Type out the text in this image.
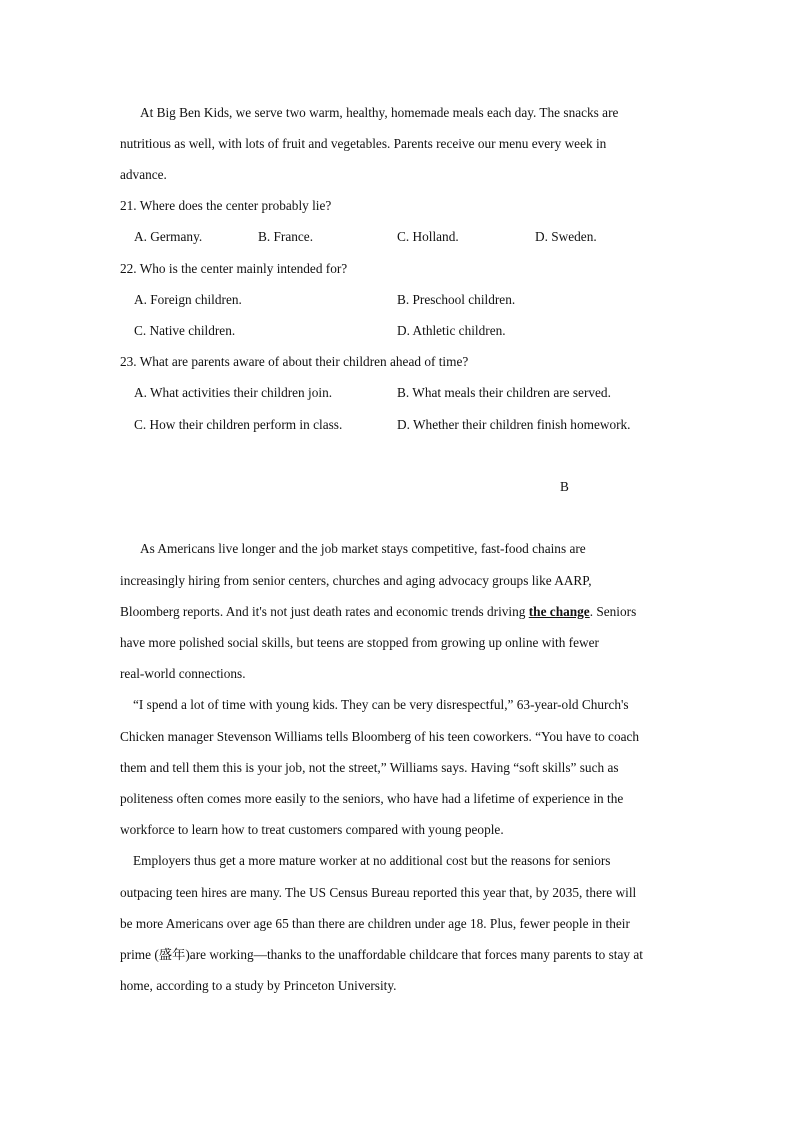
At Big Ben Kids, we serve two warm, healthy, homemade meals each day. The snacks are
nutritious as well, with lots of fruit and vegetables. Parents receive our menu every week in
advance.
21. Where does the center probably lie?
A. Germany.	B. France.	C. Holland.	D. Sweden.
22. Who is the center mainly intended for?
A. Foreign children.	B. Preschool children.
C. Native children.	D. Athletic children.
23. What are parents aware of about their children ahead of time?
A. What activities their children join.	B. What meals their children are served.
C. How their children perform in class.	D. Whether their children finish homework.
B
As Americans live longer and the job market stays competitive, fast-food chains are
increasingly hiring from senior centers, churches and aging advocacy groups like AARP,
Bloomberg reports. And it's not just death rates and economic trends driving the change. Seniors
have more polished social skills, but teens are stopped from growing up online with fewer
real-world connections.
“I spend a lot of time with young kids. They can be very disrespectful,” 63-year-old Church's
Chicken manager Stevenson Williams tells Bloomberg of his teen coworkers. “You have to coach
them and tell them this is your job, not the street,” Williams says. Having “soft skills” such as
politeness often comes more easily to the seniors, who have had a lifetime of experience in the
workforce to learn how to treat customers compared with young people.
Employers thus get a more mature worker at no additional cost but the reasons for seniors
outpacing teen hires are many. The US Census Bureau reported this year that, by 2035, there will
be more Americans over age 65 than there are children under age 18. Plus, fewer people in their
prime (盛年)are working—thanks to the unaffordable childcare that forces many parents to stay at
home, according to a study by Princeton University.
